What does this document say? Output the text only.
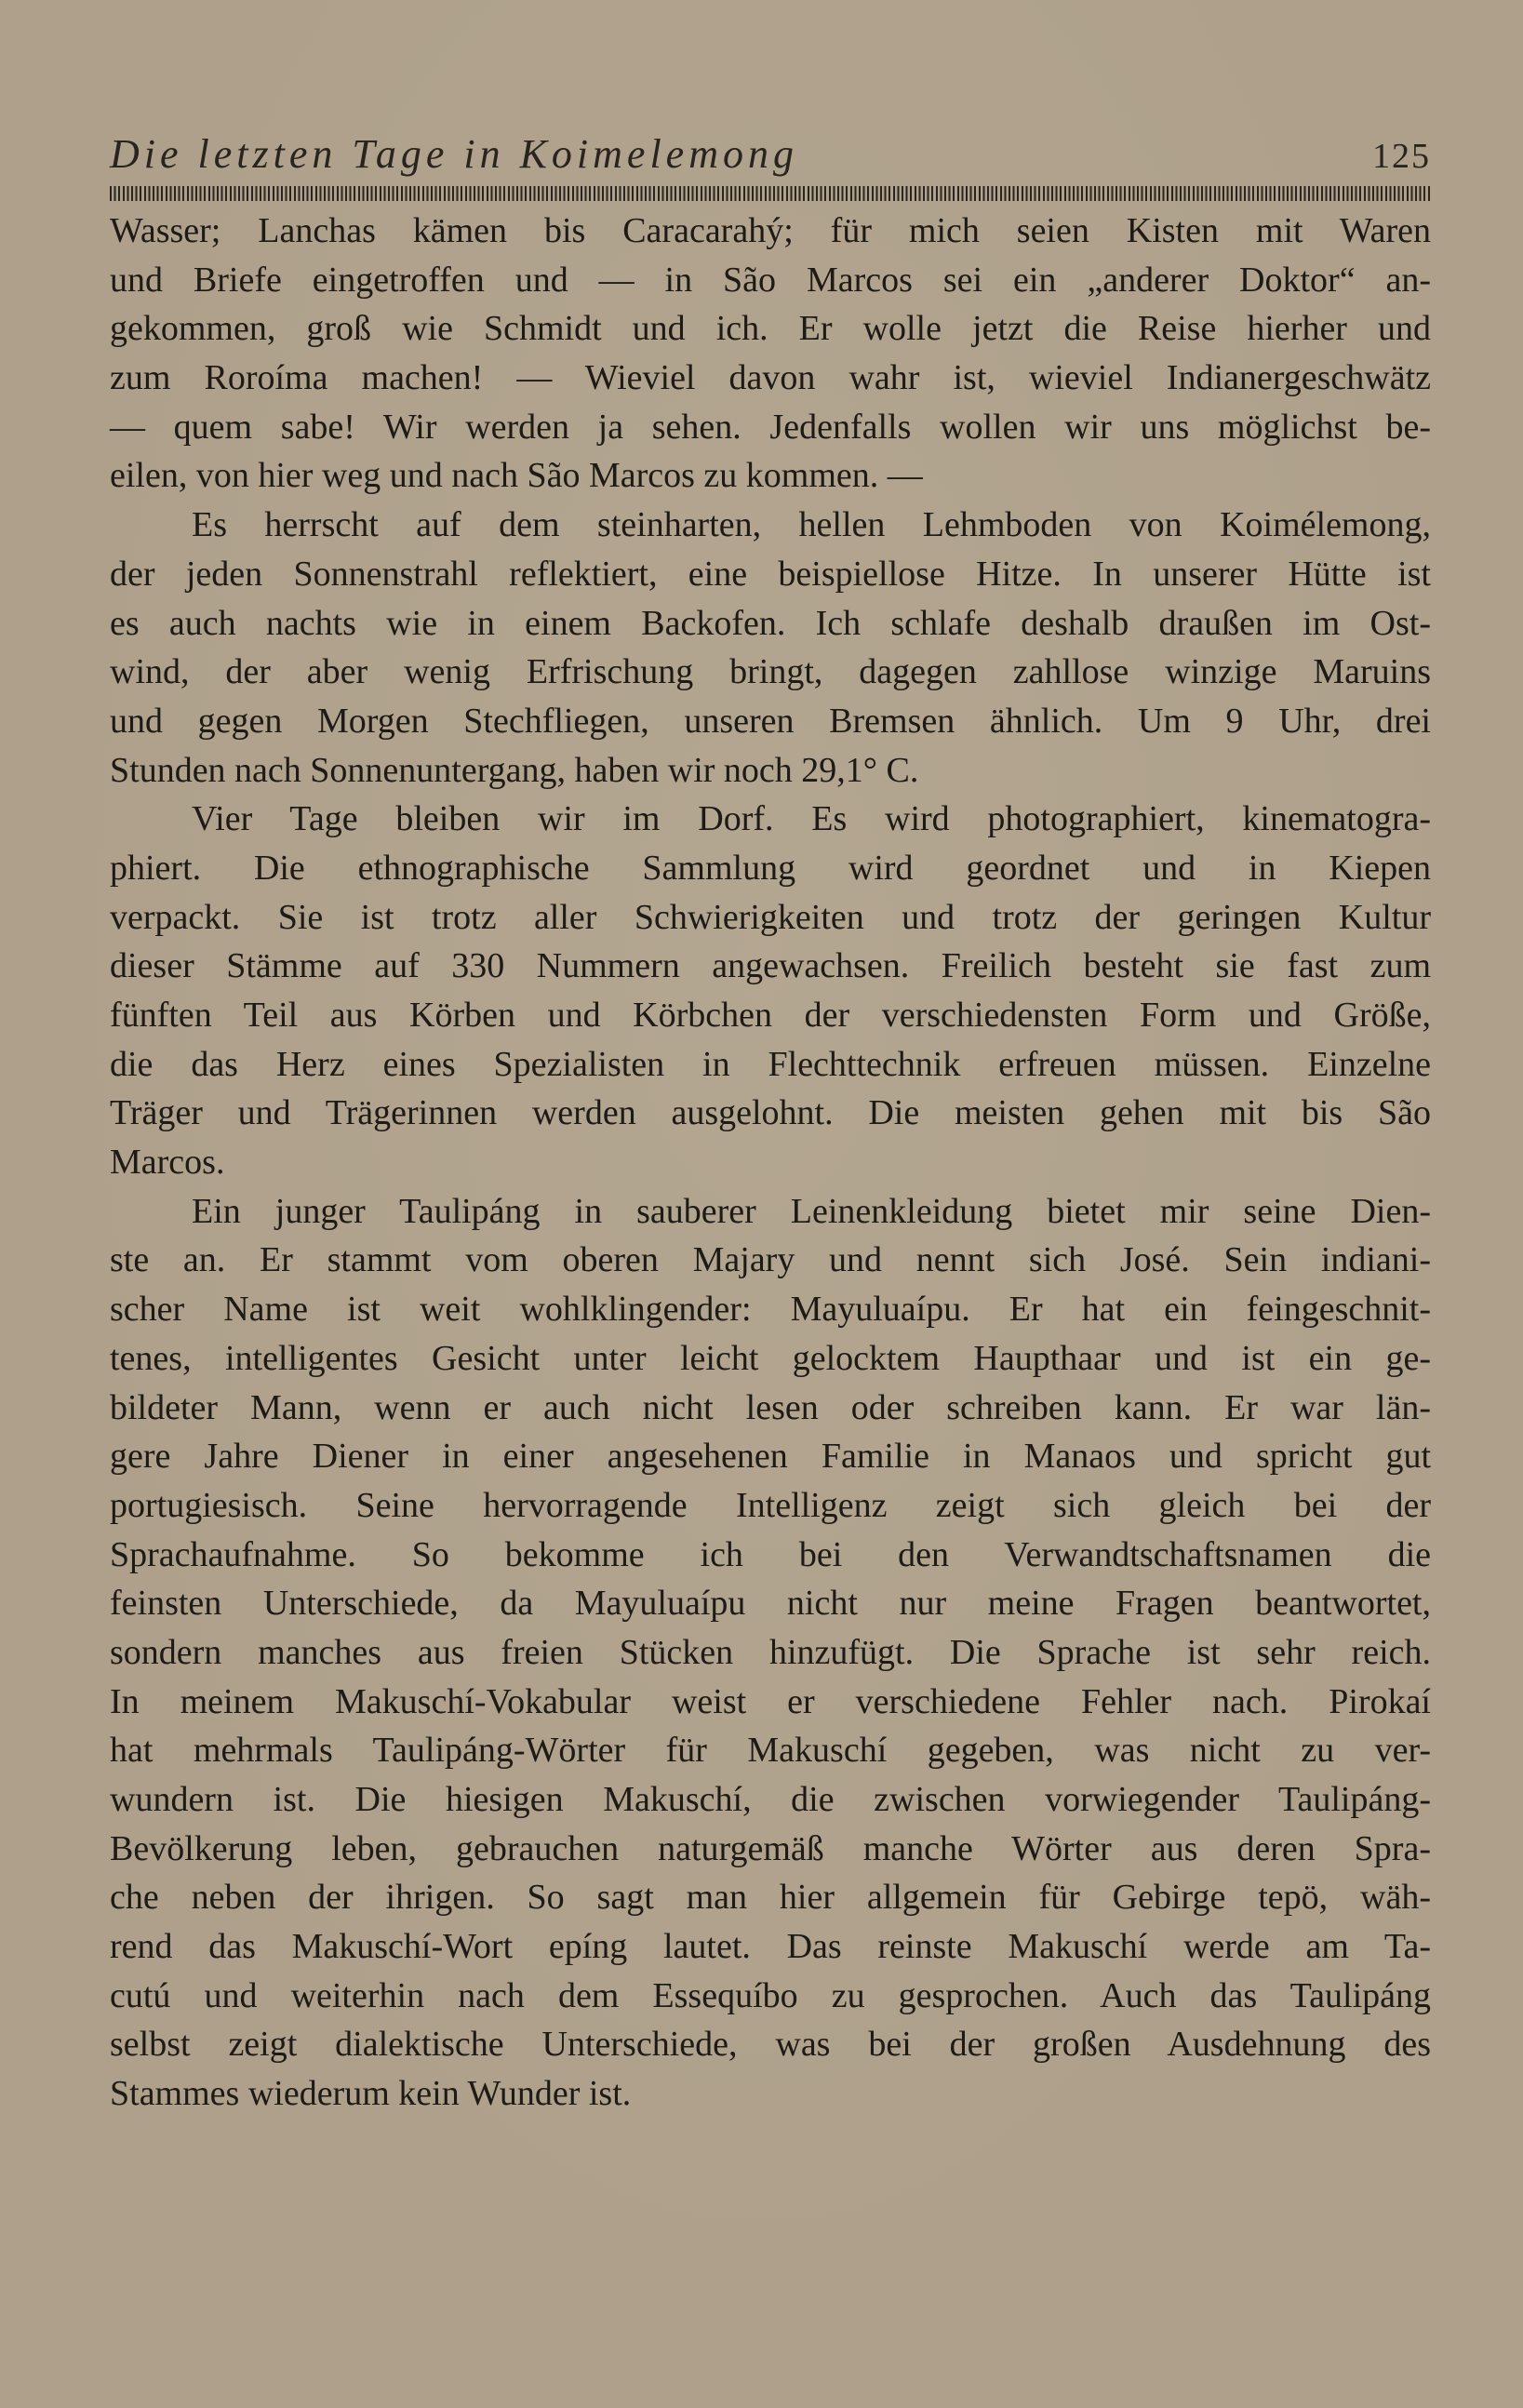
Die letzten Tage in Koimelemong	125
Wasser; Lanchas kämen bis Caracarahý; für mich seien Kisten mit Waren
und Briefe eingetroffen und — in São Marcos sei ein „anderer Doktor“ an-
gekommen, groß wie Schmidt und ich. Er wolle jetzt die Reise hierher und
zum Roroíma machen! — Wieviel davon wahr ist, wieviel Indianergeschwätz
— quem sabe! Wir werden ja sehen. Jedenfalls wollen wir uns möglichst be-
eilen, von hier weg und nach São Marcos zu kommen. —
Es herrscht auf dem steinharten, hellen Lehmboden von Koimélemong,
der jeden Sonnenstrahl reflektiert, eine beispiellose Hitze. In unserer Hütte ist
es auch nachts wie in einem Backofen. Ich schlafe deshalb draußen im Ost-
wind, der aber wenig Erfrischung bringt, dagegen zahllose winzige Maruins
und gegen Morgen Stechfliegen, unseren Bremsen ähnlich. Um 9 Uhr, drei
Stunden nach Sonnenuntergang, haben wir noch 29,1° C.
Vier Tage bleiben wir im Dorf. Es wird photographiert, kinematogra-
phiert. Die ethnographische Sammlung wird geordnet und in Kiepen
verpackt. Sie ist trotz aller Schwierigkeiten und trotz der geringen Kultur
dieser Stämme auf 330 Nummern angewachsen. Freilich besteht sie fast zum
fünften Teil aus Körben und Körbchen der verschiedensten Form und Größe,
die das Herz eines Spezialisten in Flechttechnik erfreuen müssen. Einzelne
Träger und Trägerinnen werden ausgelohnt. Die meisten gehen mit bis São
Marcos.
Ein junger Taulipáng in sauberer Leinenkleidung bietet mir seine Dien-
ste an. Er stammt vom oberen Majary und nennt sich José. Sein indiani-
scher Name ist weit wohlklingender: Mayuluaípu. Er hat ein feingeschnit-
tenes, intelligentes Gesicht unter leicht gelocktem Haupthaar und ist ein ge-
bildeter Mann, wenn er auch nicht lesen oder schreiben kann. Er war län-
gere Jahre Diener in einer angesehenen Familie in Manaos und spricht gut
portugiesisch. Seine hervorragende Intelligenz zeigt sich gleich bei der
Sprachaufnahme. So bekomme ich bei den Verwandtschaftsnamen die
feinsten Unterschiede, da Mayuluaípu nicht nur meine Fragen beantwortet,
sondern manches aus freien Stücken hinzufügt. Die Sprache ist sehr reich.
In meinem Makuschí-Vokabular weist er verschiedene Fehler nach. Pirokaí
hat mehrmals Taulipáng-Wörter für Makuschí gegeben, was nicht zu ver-
wundern ist. Die hiesigen Makuschí, die zwischen vorwiegender Taulipáng-
Bevölkerung leben, gebrauchen naturgemäß manche Wörter aus deren Spra-
che neben der ihrigen. So sagt man hier allgemein für Gebirge tepö, wäh-
rend das Makuschí-Wort epíng lautet. Das reinste Makuschí werde am Ta-
cutú und weiterhin nach dem Essequíbo zu gesprochen. Auch das Taulipáng
selbst zeigt dialektische Unterschiede, was bei der großen Ausdehnung des
Stammes wiederum kein Wunder ist.
